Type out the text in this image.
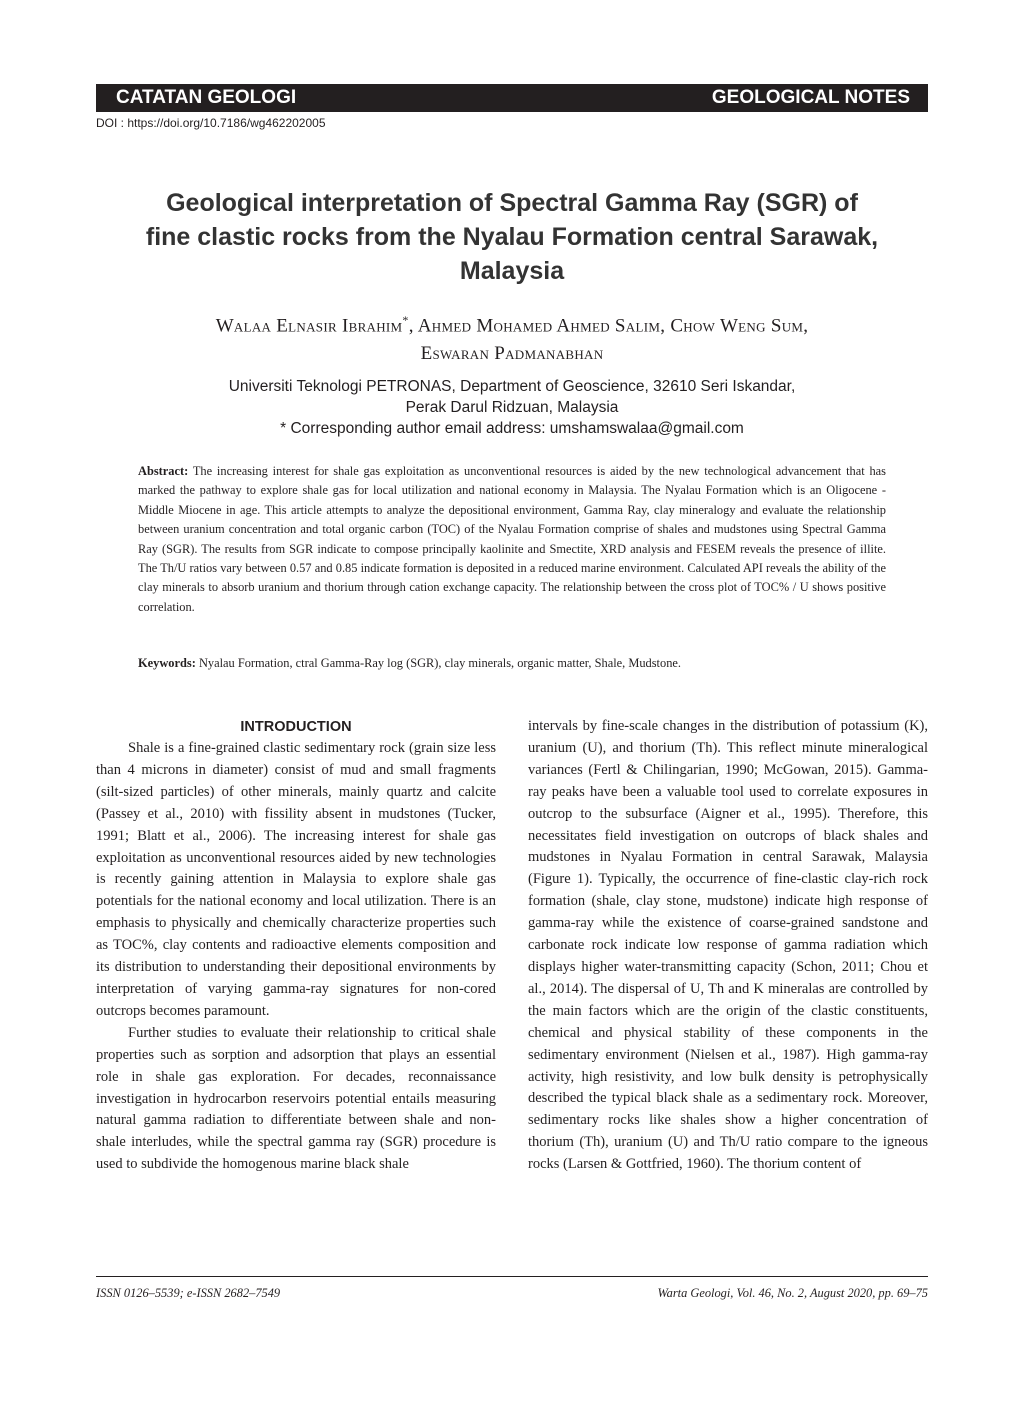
CATATAN GEOLOGI	GEOLOGICAL NOTES
DOI : https://doi.org/10.7186/wg462202005
Geological interpretation of Spectral Gamma Ray (SGR) of
fine clastic rocks from the Nyalau Formation central Sarawak,
Malaysia
Walaa Elnasir Ibrahim*, Ahmed Mohamed Ahmed Salim, Chow Weng Sum,
Eswaran Padmanabhan
Universiti Teknologi PETRONAS, Department of Geoscience, 32610 Seri Iskandar,
Perak Darul Ridzuan, Malaysia
* Corresponding author email address: umshamswalaa@gmail.com
Abstract: The increasing interest for shale gas exploitation as unconventional resources is aided by the new technological advancement that has marked the pathway to explore shale gas for local utilization and national economy in Malaysia. The Nyalau Formation which is an Oligocene - Middle Miocene in age. This article attempts to analyze the depositional environment, Gamma Ray, clay mineralogy and evaluate the relationship between uranium concentration and total organic carbon (TOC) of the Nyalau Formation comprise of shales and mudstones using Spectral Gamma Ray (SGR). The results from SGR indicate to compose principally kaolinite and Smectite, XRD analysis and FESEM reveals the presence of illite. The Th/U ratios vary between 0.57 and 0.85 indicate formation is deposited in a reduced marine environment. Calculated API reveals the ability of the clay minerals to absorb uranium and thorium through cation exchange capacity. The relationship between the cross plot of TOC% / U shows positive correlation.
Keywords: Nyalau Formation, ctral Gamma-Ray log (SGR), clay minerals, organic matter, Shale, Mudstone.
INTRODUCTION

Shale is a fine-grained clastic sedimentary rock (grain size less than 4 microns in diameter) consist of mud and small fragments (silt-sized particles) of other minerals, mainly quartz and calcite (Passey et al., 2010) with fissility absent in mudstones (Tucker, 1991; Blatt et al., 2006). The increasing interest for shale gas exploitation as unconventional resources aided by new technologies is recently gaining attention in Malaysia to explore shale gas potentials for the national economy and local utilization. There is an emphasis to physically and chemically characterize properties such as TOC%, clay contents and radioactive elements composition and its distribution to understanding their depositional environments by interpretation of varying gamma-ray signatures for non-cored outcrops becomes paramount.

Further studies to evaluate their relationship to critical shale properties such as sorption and adsorption that plays an essential role in shale gas exploration. For decades, reconnaissance investigation in hydrocarbon reservoirs potential entails measuring natural gamma radiation to differentiate between shale and non-shale interludes, while the spectral gamma ray (SGR) procedure is used to subdivide the homogenous marine black shale

intervals by fine-scale changes in the distribution of potassium (K), uranium (U), and thorium (Th). This reflect minute mineralogical variances (Fertl & Chilingarian, 1990; McGowan, 2015). Gamma-ray peaks have been a valuable tool used to correlate exposures in outcrop to the subsurface (Aigner et al., 1995). Therefore, this necessitates field investigation on outcrops of black shales and mudstones in Nyalau Formation in central Sarawak, Malaysia (Figure 1). Typically, the occurrence of fine-clastic clay-rich rock formation (shale, clay stone, mudstone) indicate high response of gamma-ray while the existence of coarse-grained sandstone and carbonate rock indicate low response of gamma radiation which displays higher water-transmitting capacity (Schon, 2011; Chou et al., 2014). The dispersal of U, Th and K mineralas are controlled by the main factors which are the origin of the clastic constituents, chemical and physical stability of these components in the sedimentary environment (Nielsen et al., 1987). High gamma-ray activity, high resistivity, and low bulk density is petrophysically described the typical black shale as a sedimentary rock. Moreover, sedimentary rocks like shales show a higher concentration of thorium (Th), uranium (U) and Th/U ratio compare to the igneous rocks (Larsen & Gottfried, 1960). The thorium content of

ISSN 0126–5539; e-ISSN 2682–7549	Warta Geologi, Vol. 46, No. 2, August 2020, pp. 69–75
